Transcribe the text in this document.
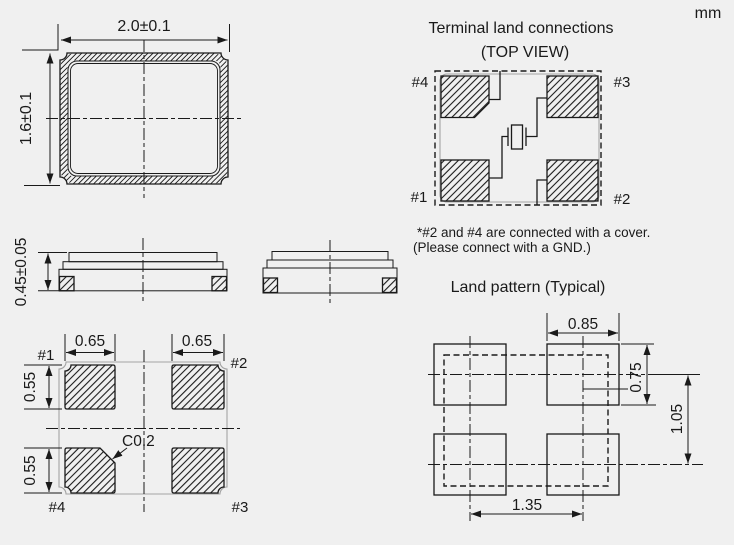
2.0±0.1
1.6±0.1
0.45±0.05
0.65	0.65
0.55
0.55
C0.2
#1	#2
#4	#3
Terminal land connections
(TOP VIEW)
#4	#3
#1	#2
*#2 and #4 are connected with a cover.
(Please connect with a GND.)
Land pattern (Typical)
0.85
0.75
1.05
1.35
mm
